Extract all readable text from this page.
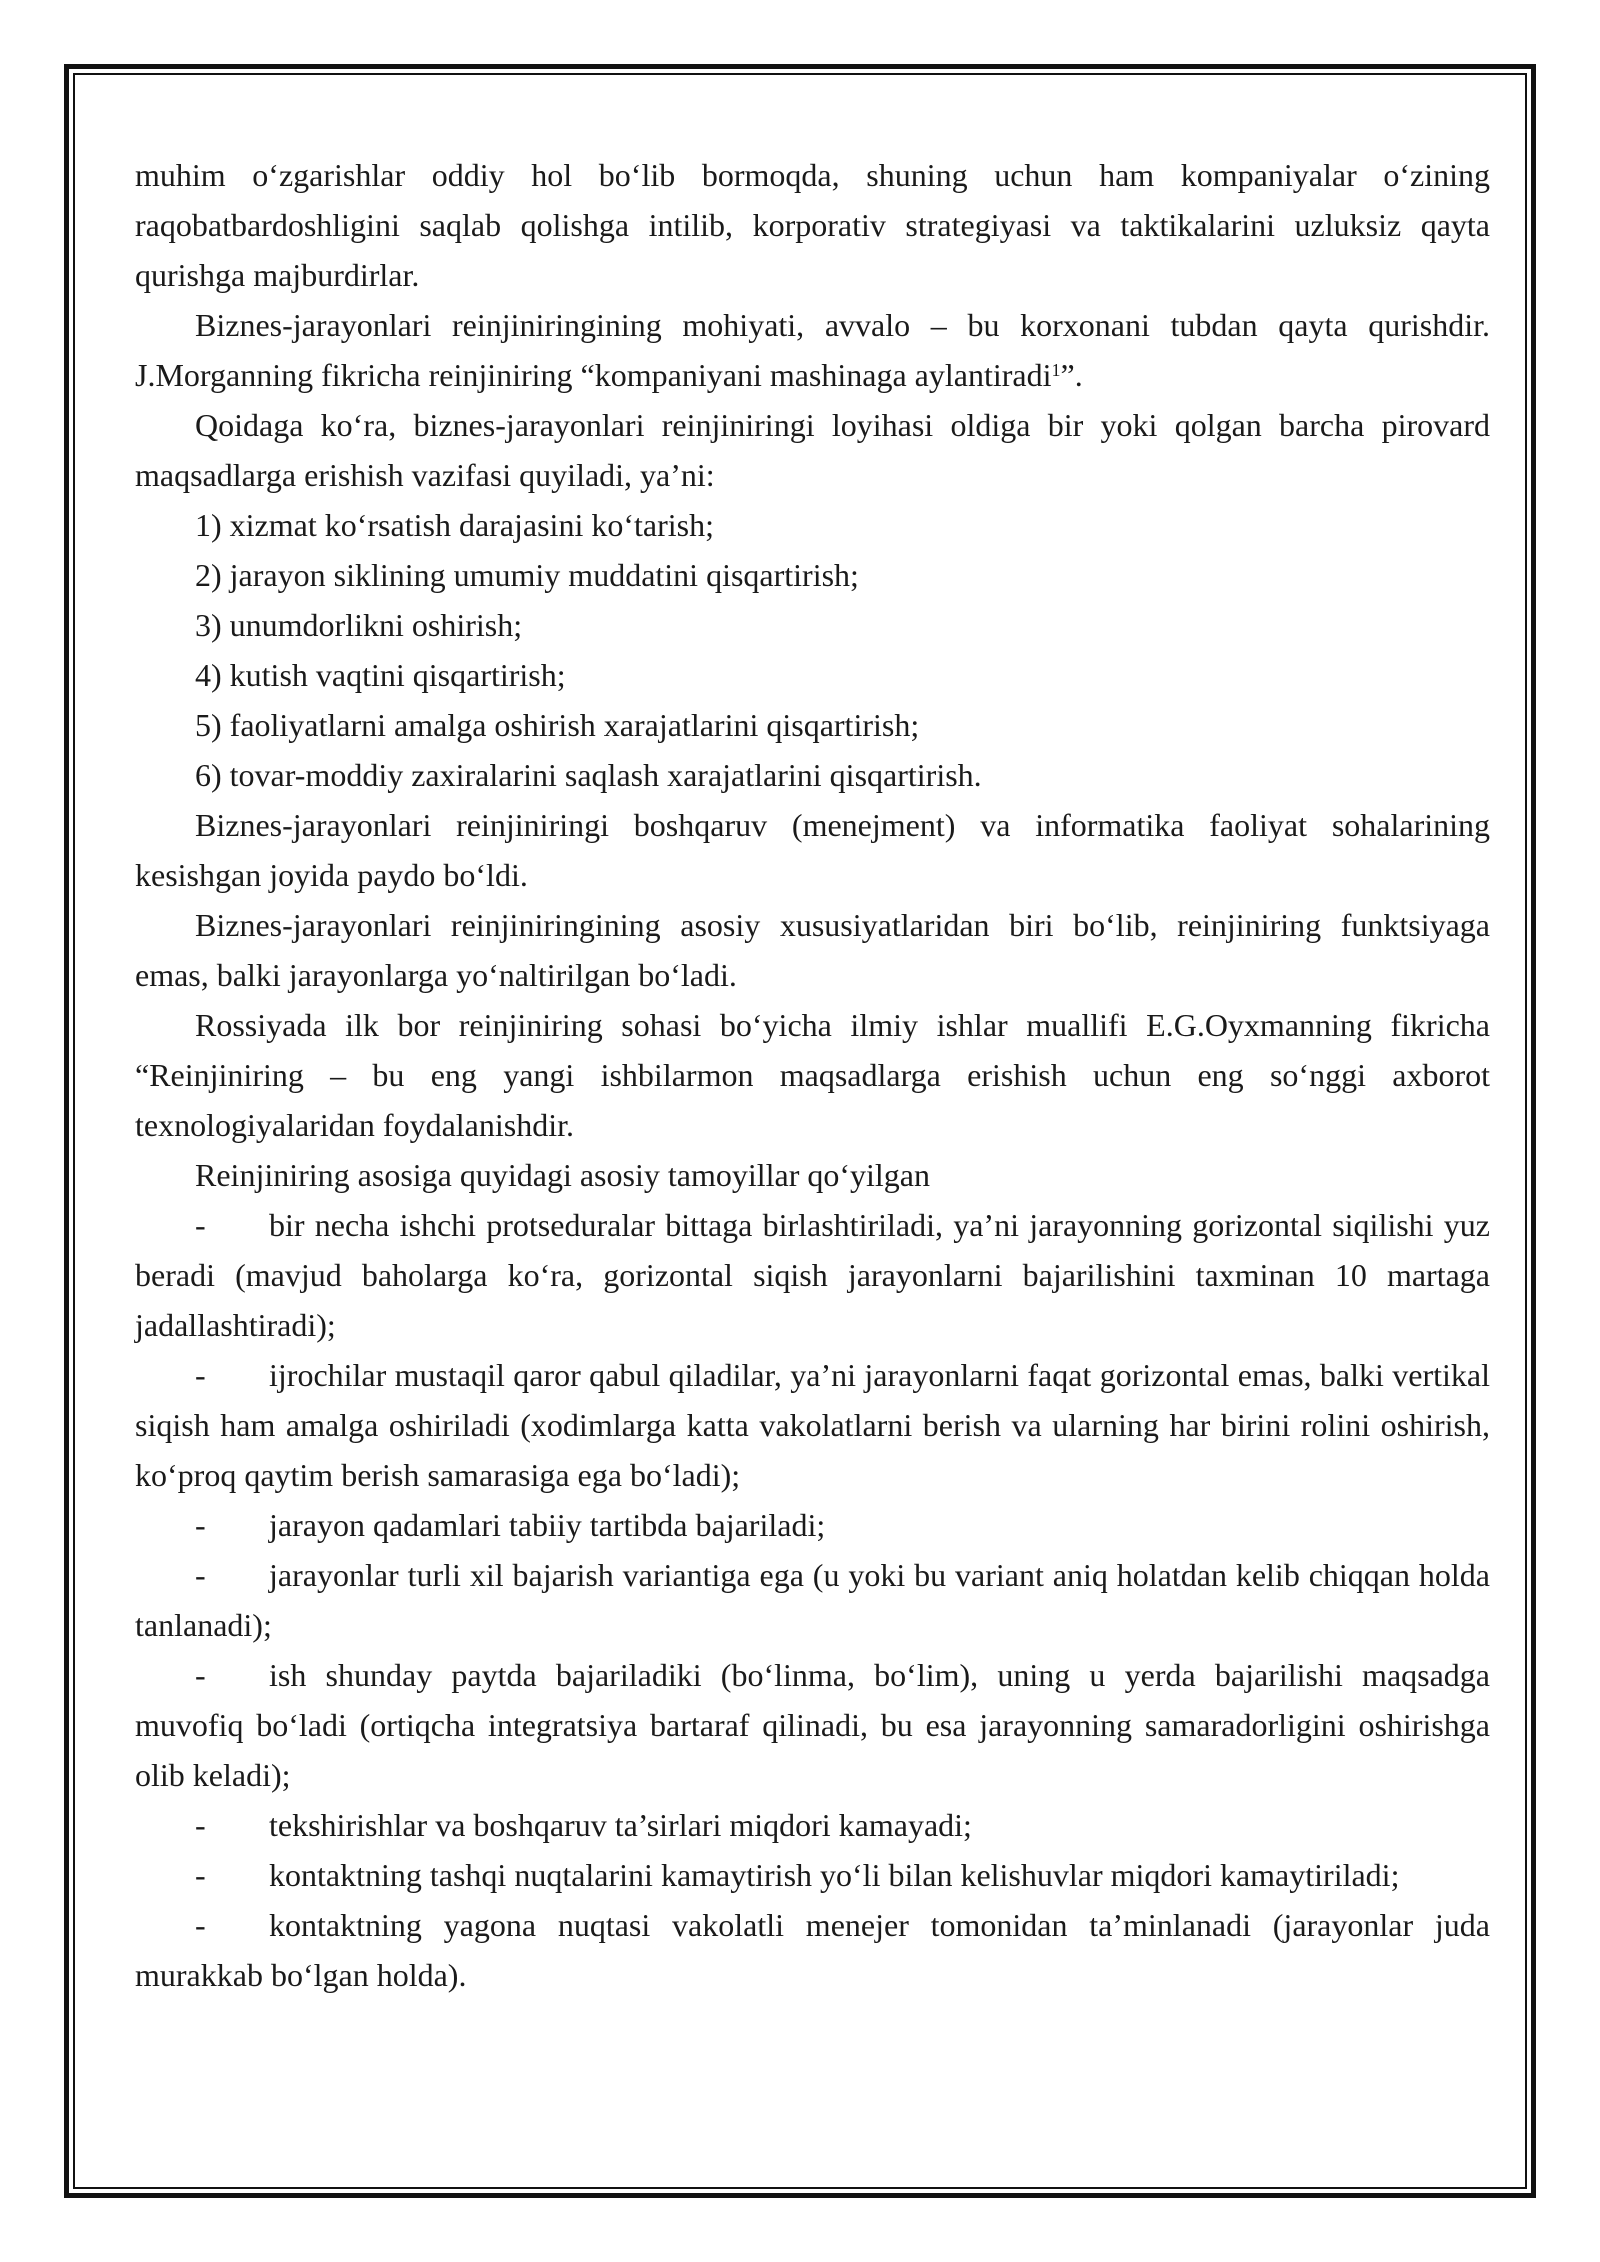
muhim o‘zgarishlar oddiy hol bo‘lib bormoqda, shuning uchun ham kompaniyalar o‘zining raqobatbardoshligini saqlab qolishga intilib, korporativ strategiyasi va taktikalarini uzluksiz qayta qurishga majburdirlar.

Biznes-jarayonlari reinjiniringining mohiyati, avvalo – bu korxonani tubdan qayta qurishdir. J.Morganning fikricha reinjiniring “kompaniyani mashinaga aylantiradi$^1$”.

Qoidaga ko‘ra, biznes-jarayonlari reinjiniringi loyihasi oldiga bir yoki qolgan barcha pirovard maqsadlarga erishish vazifasi quyiladi, ya’ni:

1) xizmat ko‘rsatish darajasini ko‘tarish;

2) jarayon siklining umumiy muddatini qisqartirish;

3) unumdorlikni oshirish;

4) kutish vaqtini qisqartirish;

5) faoliyatlarni amalga oshirish xarajatlarini qisqartirish;

6) tovar-moddiy zaxiralarini saqlash xarajatlarini qisqartirish.

Biznes-jarayonlari reinjiniringi boshqaruv (menejment) va informatika faoliyat sohalarining kesishgan joyida paydo bo‘ldi.

Biznes-jarayonlari reinjiniringining asosiy xususiyatlaridan biri bo‘lib, reinjiniring funktsiyaga emas, balki jarayonlarga yo‘naltirilgan bo‘ladi.

Rossiyada ilk bor reinjiniring sohasi bo‘yicha ilmiy ishlar muallifi E.G.Oyxmanning fikricha “Reinjiniring – bu eng yangi ishbilarmon maqsadlarga erishish uchun eng so‘nggi axborot texnologiyalaridan foydalanishdir.

Reinjiniring asosiga quyidagi asosiy tamoyillar qo‘yilgan

- bir necha ishchi protseduralar bittaga birlashtiriladi, ya’ni jarayonning gorizontal siqilishi yuz beradi (mavjud baholarga ko‘ra, gorizontal siqish jarayonlarni bajarilishini taxminan 10 martaga jadallashtiradi);

- ijrochilar mustaqil qaror qabul qiladilar, ya’ni jarayonlarni faqat gorizontal emas, balki vertikal siqish ham amalga oshiriladi (xodimlarga katta vakolatlarni berish va ularning har birini rolini oshirish, ko‘proq qaytim berish samarasiga ega bo‘ladi);

- jarayon qadamlari tabiiy tartibda bajariladi;

- jarayonlar turli xil bajarish variantiga ega (u yoki bu variant aniq holatdan kelib chiqqan holda tanlanadi);

- ish shunday paytda bajariladiki (bo‘linma, bo‘lim), uning u yerda bajarilishi maqsadga muvofiq bo‘ladi (ortiqcha integratsiya bartaraf qilinadi, bu esa jarayonning samaradorligini oshirishga olib keladi);

- tekshirishlar va boshqaruv ta’sirlari miqdori kamayadi;

- kontaktning tashqi nuqtalarini kamaytirish yo‘li bilan kelishuvlar miqdori kamaytiriladi;

- kontaktning yagona nuqtasi vakolatli menejer tomonidan ta’minlanadi (jarayonlar juda murakkab bo‘lgan holda).
